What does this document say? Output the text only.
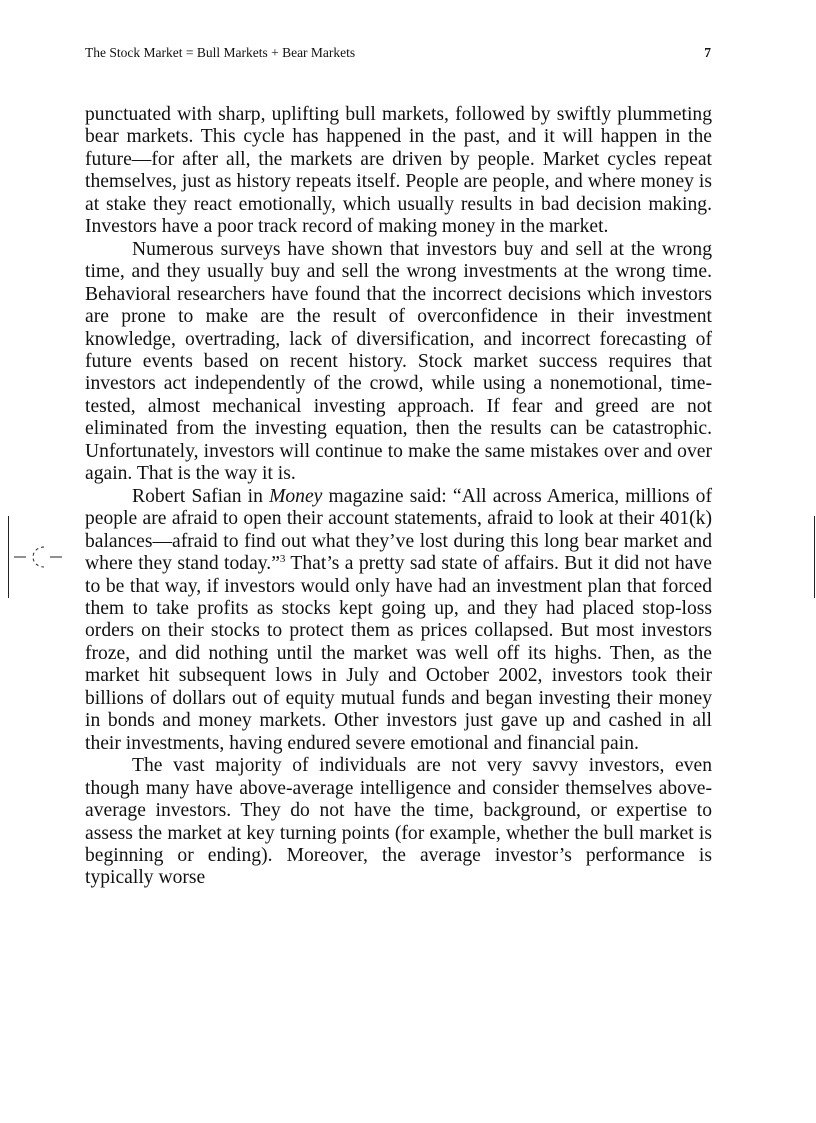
The Stock Market = Bull Markets + Bear Markets	7

punctuated with sharp, uplifting bull markets, followed by swiftly plummeting bear markets. This cycle has happened in the past, and it will happen in the future—for after all, the markets are driven by people. Market cycles repeat themselves, just as history repeats itself. People are people, and where money is at stake they react emotionally, which usually results in bad decision making. Investors have a poor track record of making money in the market.

Numerous surveys have shown that investors buy and sell at the wrong time, and they usually buy and sell the wrong investments at the wrong time. Behavioral researchers have found that the incorrect decisions which investors are prone to make are the result of overconfidence in their investment knowledge, overtrading, lack of diversification, and incorrect forecasting of future events based on recent history. Stock market success requires that investors act independently of the crowd, while using a nonemotional, time-tested, almost mechanical investing approach. If fear and greed are not eliminated from the investing equation, then the results can be catastrophic. Unfortunately, investors will continue to make the same mistakes over and over again. That is the way it is.

Robert Safian in Money magazine said: “All across America, millions of people are afraid to open their account statements, afraid to look at their 401(k) balances—afraid to find out what they’ve lost during this long bear market and where they stand today.”$^3$ That’s a pretty sad state of affairs. But it did not have to be that way, if investors would only have had an investment plan that forced them to take profits as stocks kept going up, and they had placed stop-loss orders on their stocks to protect them as prices collapsed. But most investors froze, and did nothing until the market was well off its highs. Then, as the market hit subsequent lows in July and October 2002, investors took their billions of dollars out of equity mutual funds and began investing their money in bonds and money markets. Other investors just gave up and cashed in all their investments, having endured severe emotional and financial pain.

The vast majority of individuals are not very savvy investors, even though many have above-average intelligence and consider themselves above-average investors. They do not have the time, background, or expertise to assess the market at key turning points (for example, whether the bull market is beginning or ending). Moreover, the average investor’s performance is typically worse
